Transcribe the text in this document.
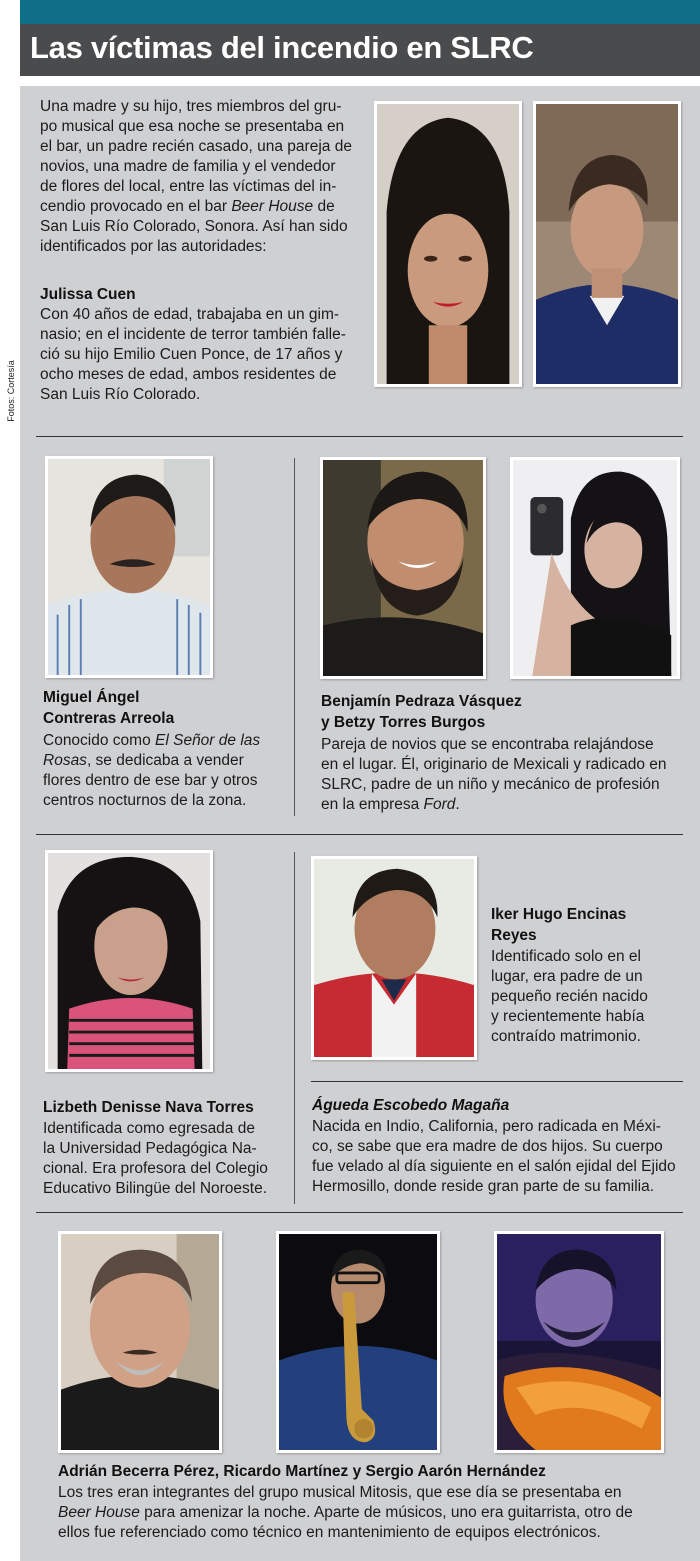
Las víctimas del incendio en SLRC
Fotos: Cortesía
Una madre y su hijo, tres miembros del gru-
po musical que esa noche se presentaba en
el bar, un padre recién casado, una pareja de
novios, una madre de familia y el vendedor
de flores del local, entre las víctimas del in-
cendio provocado en el bar Beer House de
San Luis Río Colorado, Sonora. Así han sido
identificados por las autoridades:
Julissa Cuen
Con 40 años de edad, trabajaba en un gim-
nasio; en el incidente de terror también falle-
ció su hijo Emilio Cuen Ponce, de 17 años y
ocho meses de edad, ambos residentes de
San Luis Río Colorado.
Miguel Ángel
Contreras Arreola
Conocido como El Señor de las
Rosas, se dedicaba a vender
flores dentro de ese bar y otros
centros nocturnos de la zona.
Benjamín Pedraza Vásquez
y Betzy Torres Burgos
Pareja de novios que se encontraba relajándose
en el lugar. Él, originario de Mexicali y radicado en
SLRC, padre de un niño y mecánico de profesión
en la empresa Ford.
Iker Hugo Encinas
Reyes
Identificado solo en el
lugar, era padre de un
pequeño recién nacido
y recientemente había
contraído matrimonio.
Lizbeth Denisse Nava Torres
Identificada como egresada de
la Universidad Pedagógica Na-
cional. Era profesora del Colegio
Educativo Bilingüe del Noroeste.
Águeda Escobedo Magaña
Nacida en Indio, California, pero radicada en Méxi-
co, se sabe que era madre de dos hijos. Su cuerpo
fue velado al día siguiente en el salón ejidal del Ejido
Hermosillo, donde reside gran parte de su familia.
Adrián Becerra Pérez, Ricardo Martínez y Sergio Aarón Hernández
Los tres eran integrantes del grupo musical Mitosis, que ese día se presentaba en
Beer House para amenizar la noche. Aparte de músicos, uno era guitarrista, otro de
ellos fue referenciado como técnico en mantenimiento de equipos electrónicos.
